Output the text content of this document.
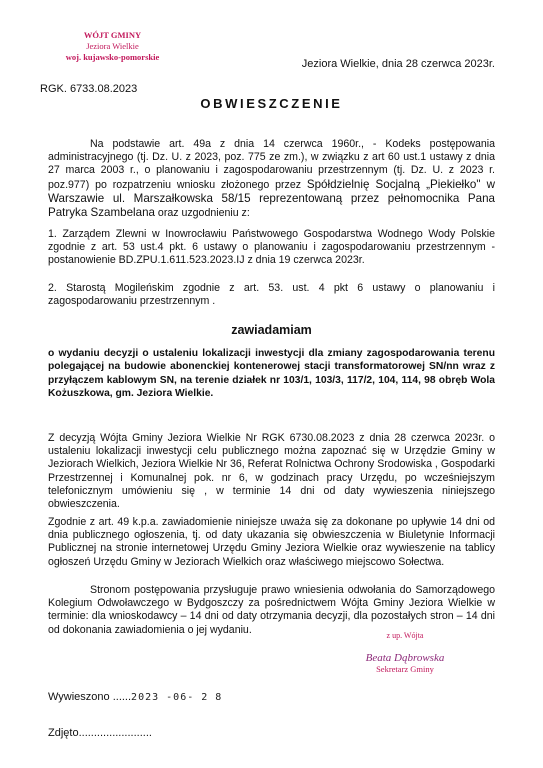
WÓJT GMINY
Jeziora Wielkie
woj. kujawsko-pomorskie
Jeziora Wielkie, dnia 28 czerwca 2023r.
RGK. 6733.08.2023
OBWIESZCZENIE

Na podstawie art. 49a z dnia 14 czerwca 1960r., - Kodeks postępowania administracyjnego (tj. Dz. U. z 2023, poz. 775 ze zm.), w związku z art 60 ust.1 ustawy z dnia 27 marca 2003 r., o planowaniu i zagospodarowaniu przestrzennym (tj. Dz. U. z 2023 r. poz.977) po rozpatrzeniu wniosku złożonego przez Spółdzielnię Socjalną „Piekiełko" w Warszawie ul. Marszałkowska 58/15 reprezentowaną przez pełnomocnika Pana Patryka Szambelana oraz uzgodnieniu z:

1. Zarządem Zlewni w Inowrocławiu Państwowego Gospodarstwa Wodnego Wody Polskie zgodnie z art. 53 ust.4 pkt. 6 ustawy o planowaniu i zagospodarowaniu przestrzennym - postanowienie BD.ZPU.1.611.523.2023.IJ z dnia 19 czerwca 2023r.
2. Starostą Mogileńskim zgodnie z art. 53. ust. 4 pkt 6 ustawy o planowaniu i zagospodarowaniu przestrzennym .
zawiadamiam
o wydaniu decyzji o ustaleniu lokalizacji inwestycji dla zmiany zagospodarowania terenu polegającej na budowie abonenckiej kontenerowej stacji transformatorowej SN/nn wraz z przyłączem kablowym SN, na terenie działek nr 103/1, 103/3, 117/2, 104, 114, 98 obręb Wola Kożuszkowa, gm. Jeziora Wielkie.
Z decyzją Wójta Gminy Jeziora Wielkie Nr RGK 6730.08.2023 z dnia 28 czerwca 2023r. o ustaleniu lokalizacji inwestycji celu publicznego można zapoznać się w Urzędzie Gminy w Jeziorach Wielkich, Jeziora Wielkie Nr 36, Referat Rolnictwa Ochrony Srodowiska , Gospodarki Przestrzennej i Komunalnej pok. nr 6, w godzinach pracy Urzędu, po wcześniejszym telefonicznym umówieniu się , w terminie 14 dni od daty wywieszenia niniejszego obwieszczenia.
Zgodnie z art. 49 k.p.a. zawiadomienie niniejsze uważa się za dokonane po upływie 14 dni od dnia publicznego ogłoszenia, tj. od daty ukazania się obwieszczenia w Biuletynie Informacji Publicznej na stronie internetowej Urzędu Gminy Jeziora Wielkie oraz wywieszenie na tablicy ogłoszeń Urzędu Gminy w Jeziorach Wielkich oraz właściwego miejscowo Sołectwa.

Stronom postępowania przysługuje prawo wniesienia odwołania do Samorządowego Kolegium Odwoławczego w Bydgoszczy za pośrednictwem Wójta Gminy Jeziora Wielkie w terminie: dla wnioskodawcy – 14 dni od daty otrzymania decyzji, dla pozostałych stron – 14 dni od dokonania zawiadomienia o jej wydaniu.	z up. Wójta
Beata Dąbrowska
Sekretarz Gminy
Wywieszono ......2023 -06- 2 8
Zdjęto........................
